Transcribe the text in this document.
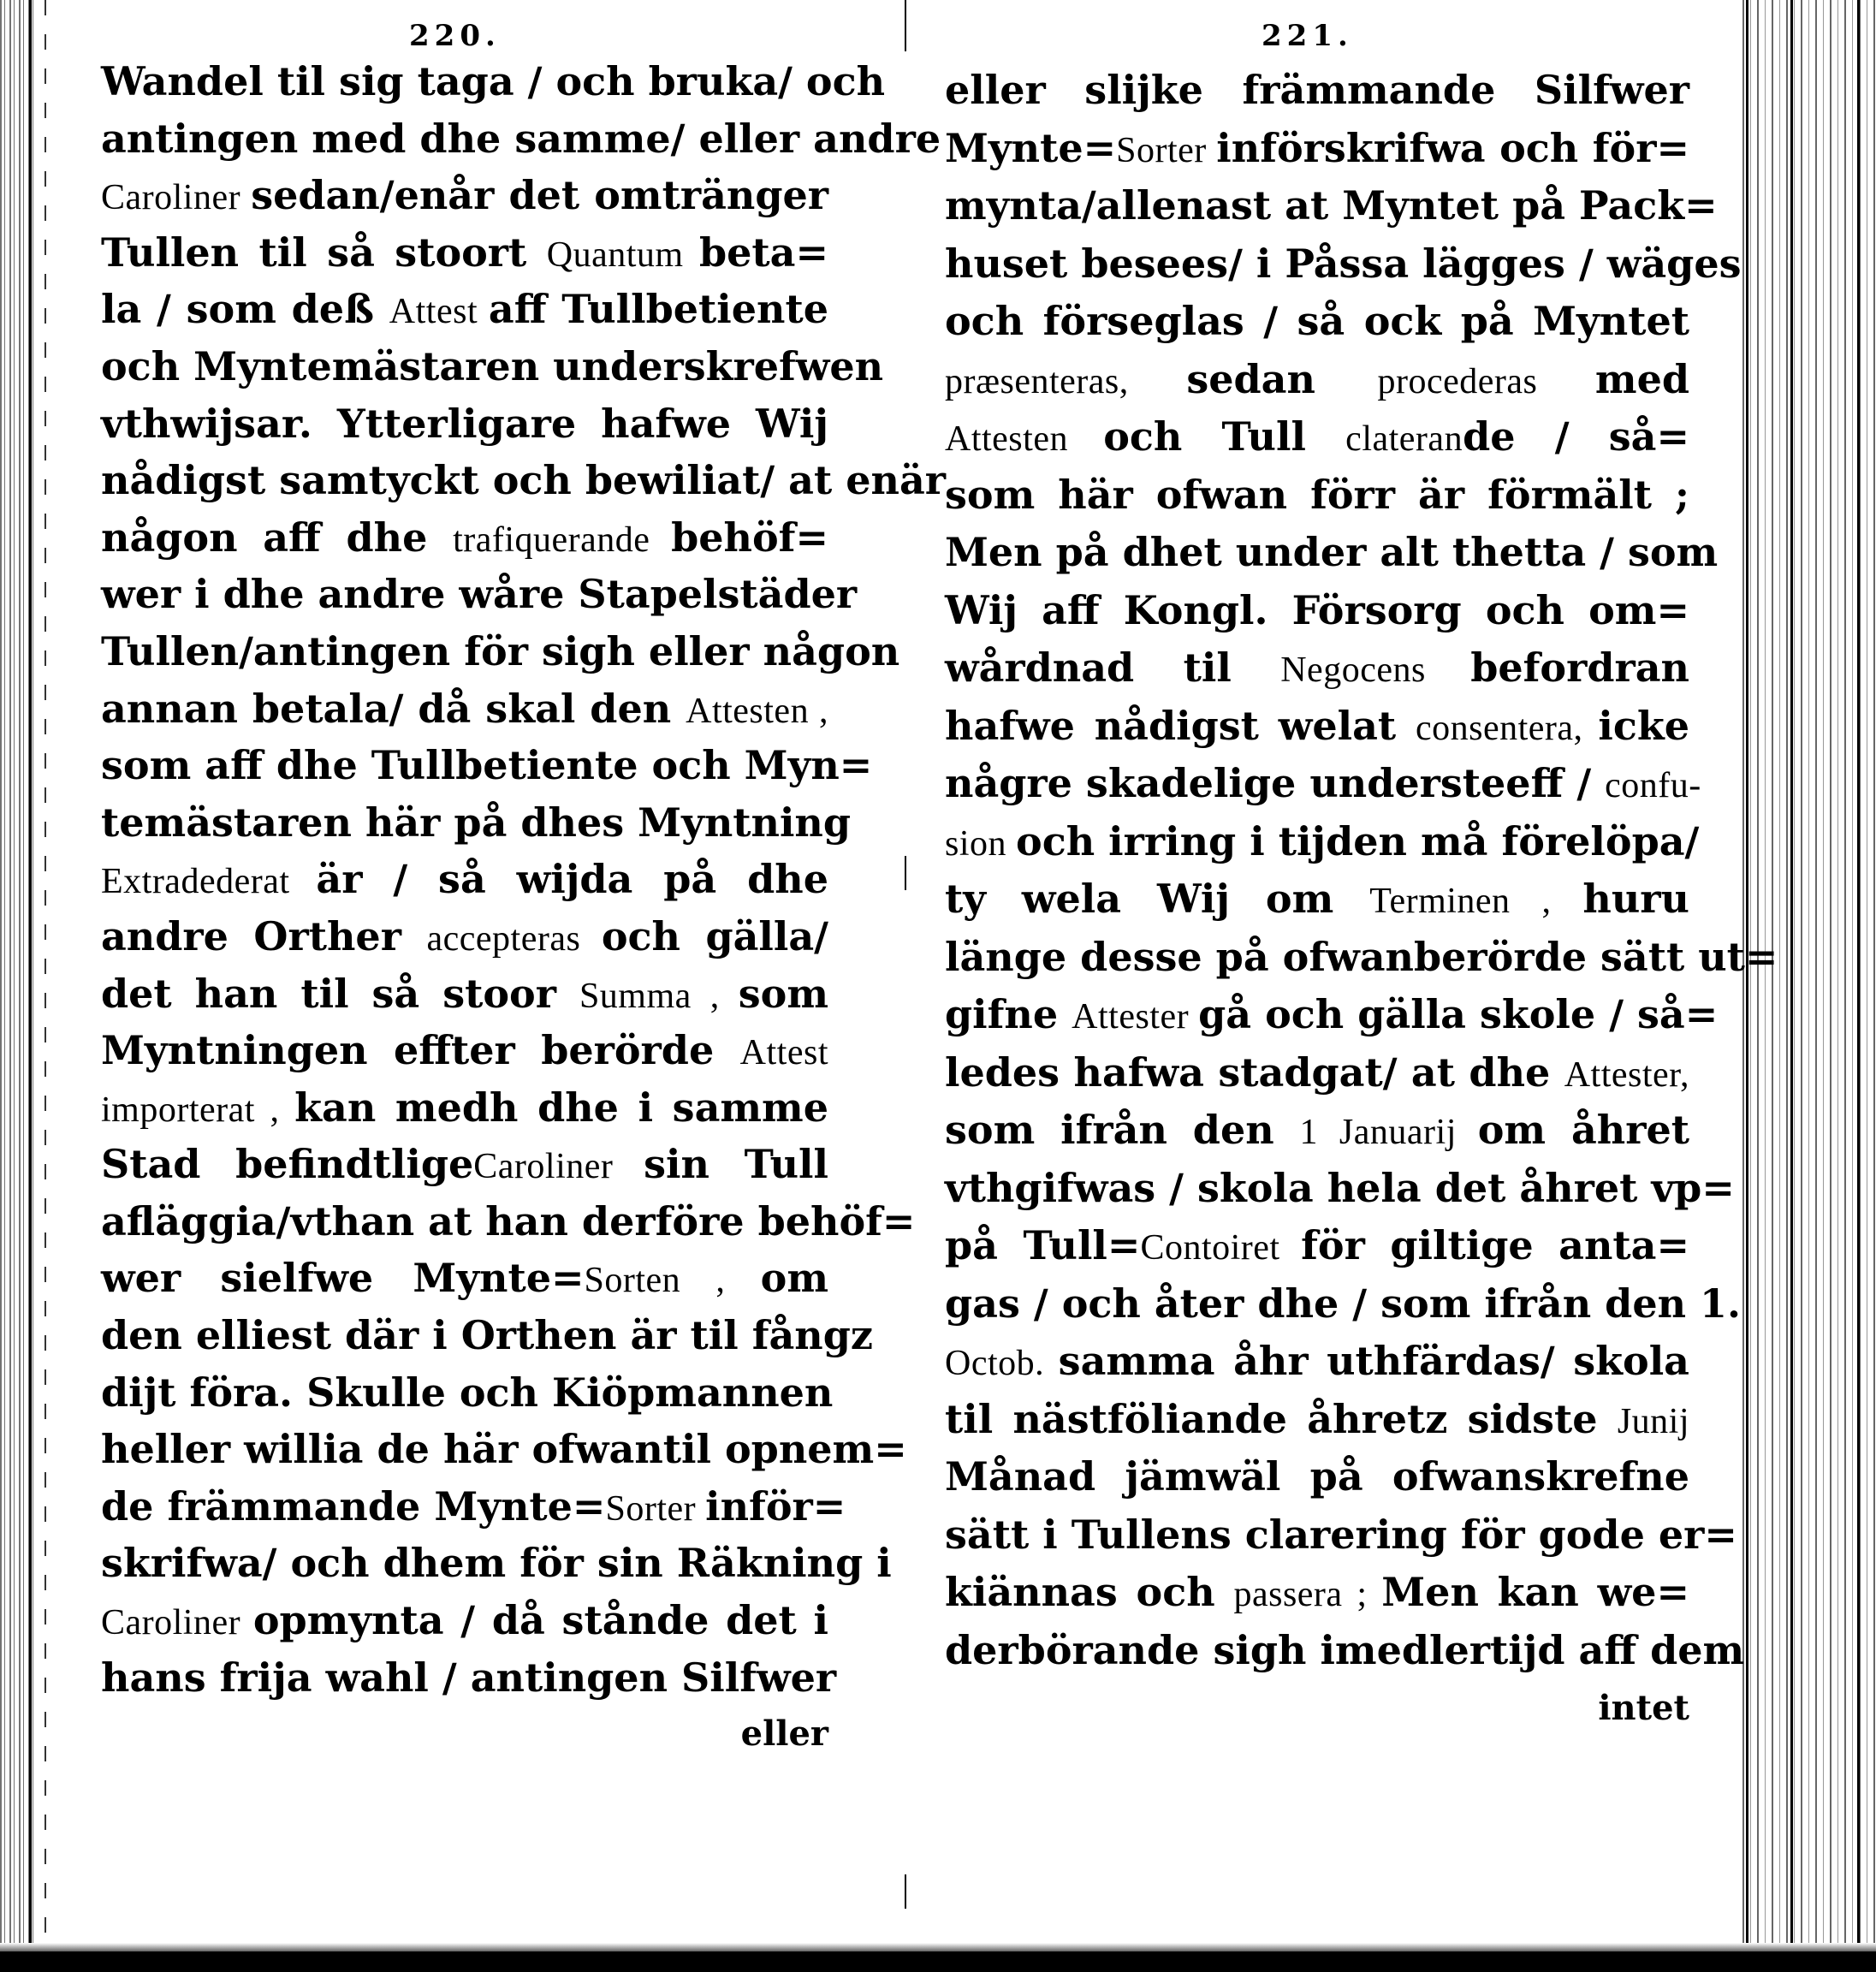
220.
Wandel til sig taga / och bruka/ och
antingen med dhe samme/ eller andre
Caroliner sedan/enår det omtränger
Tullen til så stoort Quantum beta=
la / som deß Attest aff Tullbetiente
och Myntemästaren underskrefwen
vthwijsar. Ytterligare hafwe Wij
nådigst samtyckt och bewiliat/ at enär
någon aff dhe trafiquerande behöf=
wer i dhe andre wåre Stapelstäder
Tullen/antingen för sigh eller någon
annan betala/ då skal den Attesten ,
som aff dhe Tullbetiente och Myn=
temästaren här på dhes Myntning
Extradederat är / så wijda på dhe
andre Orther accepteras och gälla/
det han til så stoor Summa , som
Myntningen effter berörde Attest
importerat , kan medh dhe i samme
Stad befindtligeCaroliner sin Tull
afläggia/vthan at han derföre behöf=
wer sielfwe Mynte=Sorten , om
den elliest där i Orthen är til fångz
dijt föra. Skulle och Kiöpmannen
heller willia de här ofwantil opnem=
de främmande Mynte=Sorter inför=
skrifwa/ och dhem för sin Räkning i
Caroliner opmynta / då stånde det i
hans frija wahl / antingen Silfwer
eller
221.
eller slijke främmande Silfwer
Mynte=Sorter införskrifwa och för=
mynta/allenast at Myntet på Pack=
huset besees/ i Påssa lägges / wäges
och förseglas / så ock på Myntet
præsenteras, sedan procederas med
Attesten och Tull claterande / så=
som här ofwan förr är förmält ;
Men på dhet under alt thetta / som
Wij aff Kongl. Försorg och om=
wårdnad til Negocens befordran
hafwe nådigst welat consentera, icke
någre skadelige understeeff / confu-
sion och irring i tijden må förelöpa/
ty wela Wij om Terminen , huru
länge desse på ofwanberörde sätt ut=
gifne Attester gå och gälla skole / så=
ledes hafwa stadgat/ at dhe Attester,
som ifrån den 1 Januarij om åhret
vthgifwas / skola hela det åhret vp=
på Tull=Contoiret för giltige anta=
gas / och åter dhe / som ifrån den 1.
Octob. samma åhr uthfärdas/ skola
til nästföliande åhretz sidste Junij
Månad jämwäl på ofwanskrefne
sätt i Tullens clarering för gode er=
kiännas och passera ; Men kan we=
derbörande sigh imedlertijd aff dem
intet
